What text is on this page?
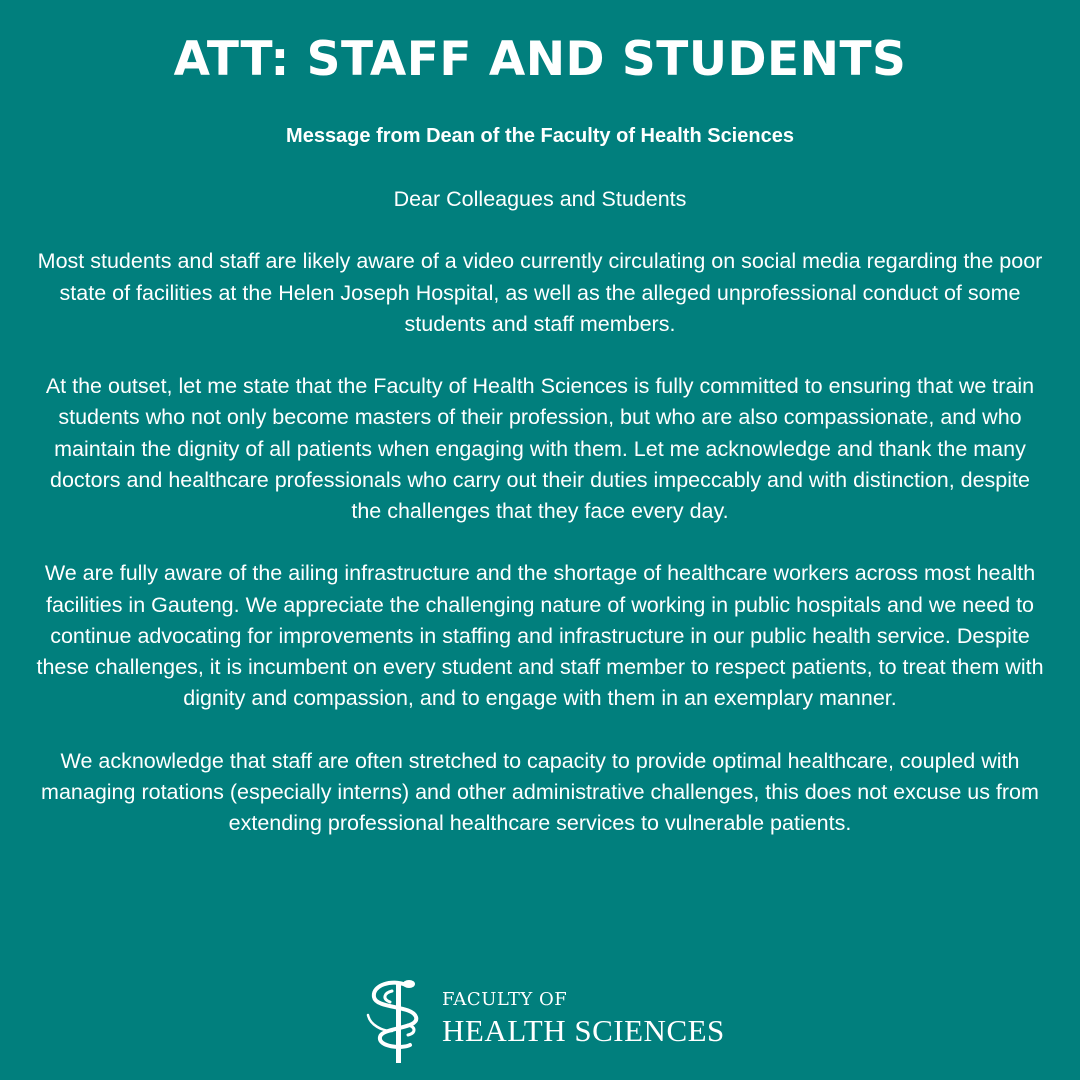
ATT: STAFF AND STUDENTS
Message from Dean of the Faculty of Health Sciences

Dear Colleagues and Students

Most students and staff are likely aware of a video currently circulating on social media regarding the poor state of facilities at the Helen Joseph Hospital, as well as the alleged unprofessional conduct of some students and staff members.

At the outset, let me state that the Faculty of Health Sciences is fully committed to ensuring that we train students who not only become masters of their profession, but who are also compassionate, and who maintain the dignity of all patients when engaging with them. Let me acknowledge and thank the many doctors and healthcare professionals who carry out their duties impeccably and with distinction, despite the challenges that they face every day.

We are fully aware of the ailing infrastructure and the shortage of healthcare workers across most health facilities in Gauteng. We appreciate the challenging nature of working in public hospitals and we need to continue advocating for improvements in staffing and infrastructure in our public health service. Despite these challenges, it is incumbent on every student and staff member to respect patients, to treat them with dignity and compassion, and to engage with them in an exemplary manner.

We acknowledge that staff are often stretched to capacity to provide optimal healthcare, coupled with managing rotations (especially interns) and other administrative challenges, this does not excuse us from extending professional healthcare services to vulnerable patients.

FACULTY OF
HEALTH SCIENCES
